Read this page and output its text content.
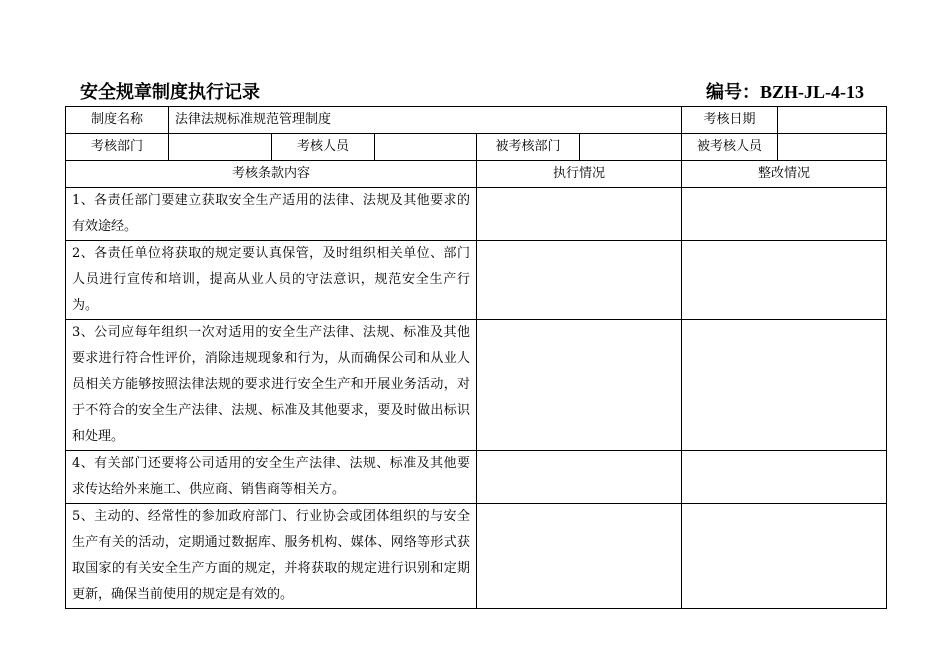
安全规章制度执行记录	编号：BZH-JL-4-13
制度名称	法律法规标准规范管理制度					考核日期	
考核部门		考核人员		被考核部门		被考核人员	
考核条款内容				执行情况		整改情况	
1、各责任部门要建立获取安全生产适用的法律、法规及其他要求的有效途经。							
2、各责任单位将获取的规定要认真保管，及时组织相关单位、部门人员进行宣传和培训，提高从业人员的守法意识，规范安全生产行为。							
3、公司应每年组织一次对适用的安全生产法律、法规、标准及其他要求进行符合性评价，消除违规现象和行为，从而确保公司和从业人员相关方能够按照法律法规的要求进行安全生产和开展业务活动，对于不符合的安全生产法律、法规、标准及其他要求，要及时做出标识和处理。							
4、有关部门还要将公司适用的安全生产法律、法规、标准及其他要求传达给外来施工、供应商、销售商等相关方。							
5、主动的、经常性的参加政府部门、行业协会或团体组织的与安全生产有关的活动，定期通过数据库、服务机构、媒体、网络等形式获取国家的有关安全生产方面的规定，并将获取的规定进行识别和定期更新，确保当前使用的规定是有效的。							
